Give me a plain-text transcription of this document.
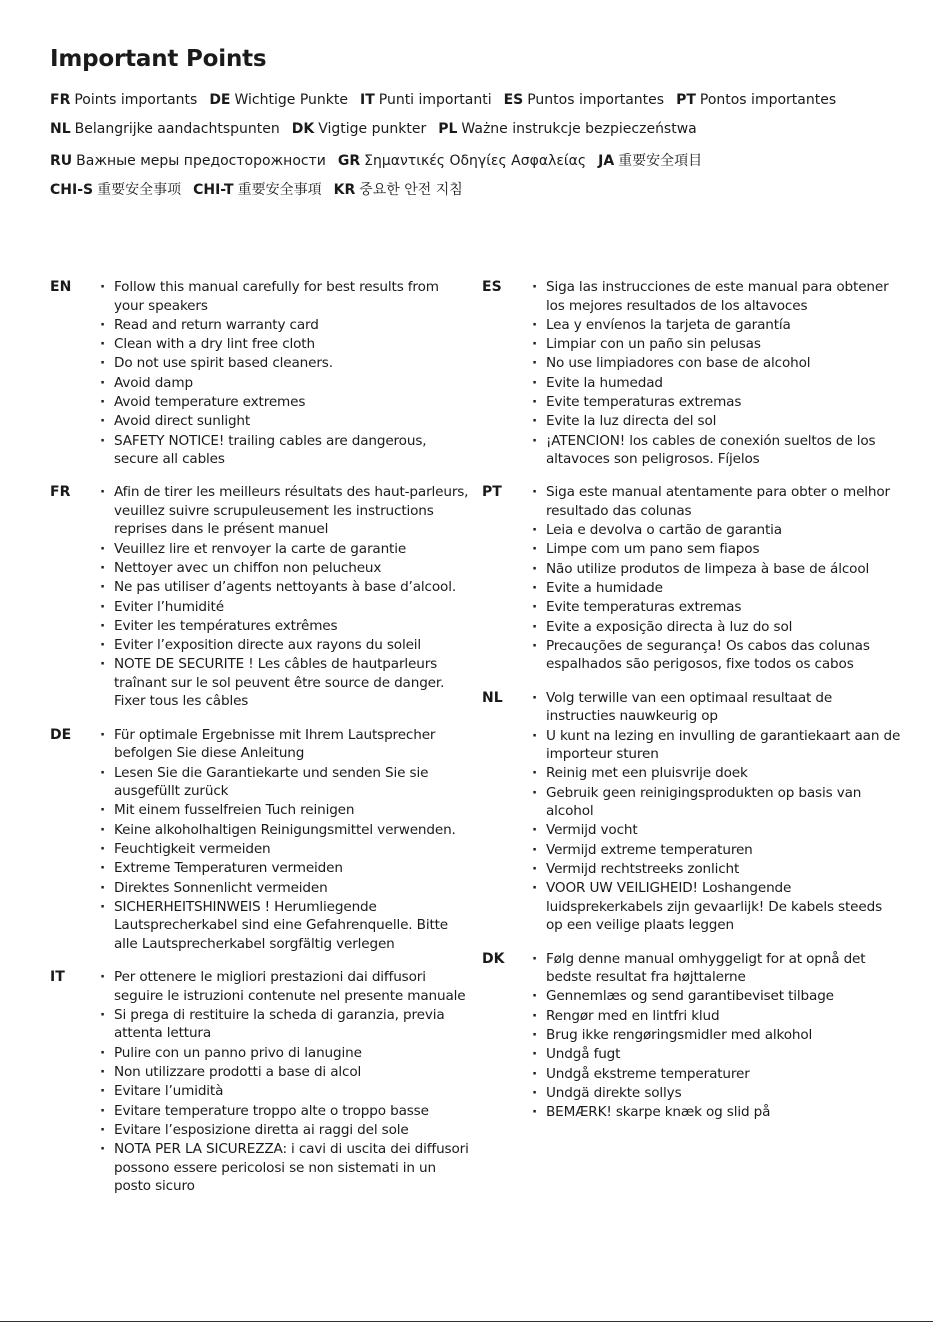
Important Points
FR Points importants DE Wichtige Punkte IT Punti importanti ES Puntos importantes PT Pontos importantes
NL Belangrijke aandachtspunten DK Vigtige punkter PL Ważne instrukcje bezpieczeństwa
RU Важные меры предосторожности GR Σημαντικές Οδηγίες Ασφαλείας JA 重要安全項目
CHI-S 重要安全事项 CHI-T 重要安全事項 KR 중요한 안전 지침
EN	· Follow this manual carefully for best results from your speakers
· Read and return warranty card
· Clean with a dry lint free cloth
· Do not use spirit based cleaners.
· Avoid damp
· Avoid temperature extremes
· Avoid direct sunlight
· SAFETY NOTICE! trailing cables are dangerous, secure all cables
FR	· Afin de tirer les meilleurs résultats des haut-parleurs, veuillez suivre scrupuleusement les instructions reprises dans le présent manuel
· Veuillez lire et renvoyer la carte de garantie
· Nettoyer avec un chiffon non pelucheux
· Ne pas utiliser d’agents nettoyants à base d’alcool.
· Eviter l’humidité
· Eviter les températures extrêmes
· Eviter l’exposition directe aux rayons du soleil
· NOTE DE SECURITE ! Les câbles de hautparleurs traînant sur le sol peuvent être source de danger. Fixer tous les câbles
DE	· Für optimale Ergebnisse mit Ihrem Lautsprecher befolgen Sie diese Anleitung
· Lesen Sie die Garantiekarte und senden Sie sie ausgefüllt zurück
· Mit einem fusselfreien Tuch reinigen
· Keine alkoholhaltigen Reinigungsmittel verwenden.
· Feuchtigkeit vermeiden
· Extreme Temperaturen vermeiden
· Direktes Sonnenlicht vermeiden
· SICHERHEITSHINWEIS ! Herumliegende Lautsprecherkabel sind eine Gefahrenquelle. Bitte alle Lautsprecherkabel sorgfältig verlegen
IT	· Per ottenere le migliori prestazioni dai diffusori seguire le istruzioni contenute nel presente manuale
· Si prega di restituire la scheda di garanzia, previa attenta lettura
· Pulire con un panno privo di lanugine
· Non utilizzare prodotti a base di alcol
· Evitare l’umidità
· Evitare temperature troppo alte o troppo basse
· Evitare l’esposizione diretta ai raggi del sole
· NOTA PER LA SICUREZZA: i cavi di uscita dei diffusori possono essere pericolosi se non sistemati in un posto sicuro
ES	· Siga las instrucciones de este manual para obtener los mejores resultados de los altavoces
· Lea y envíenos la tarjeta de garantía
· Limpiar con un paño sin pelusas
· No use limpiadores con base de alcohol
· Evite la humedad
· Evite temperaturas extremas
· Evite la luz directa del sol
· ¡ATENCION! los cables de conexión sueltos de los altavoces son peligrosos. Fíjelos
PT	· Siga este manual atentamente para obter o melhor resultado das colunas
· Leia e devolva o cartão de garantia
· Limpe com um pano sem fiapos
· Não utilize produtos de limpeza à base de álcool
· Evite a humidade
· Evite temperaturas extremas
· Evite a exposição directa à luz do sol
· Precauções de segurança! Os cabos das colunas espalhados são perigosos, fixe todos os cabos
NL	· Volg terwille van een optimaal resultaat de instructies nauwkeurig op
· U kunt na lezing en invulling de garantiekaart aan de importeur sturen
· Reinig met een pluisvrije doek
· Gebruik geen reinigingsprodukten op basis van alcohol
· Vermijd vocht
· Vermijd extreme temperaturen
· Vermijd rechtstreeks zonlicht
· VOOR UW VEILIGHEID! Loshangende luidsprekerkabels zijn gevaarlijk! De kabels steeds op een veilige plaats leggen
DK	· Følg denne manual omhyggeligt for at opnå det bedste resultat fra højttalerne
· Gennemlæs og send garantibeviset tilbage
· Rengør med en lintfri klud
· Brug ikke rengøringsmidler med alkohol
· Undgå fugt
· Undgå ekstreme temperaturer
· Undgä direkte sollys
· BEMÆRK! skarpe knæk og slid på
